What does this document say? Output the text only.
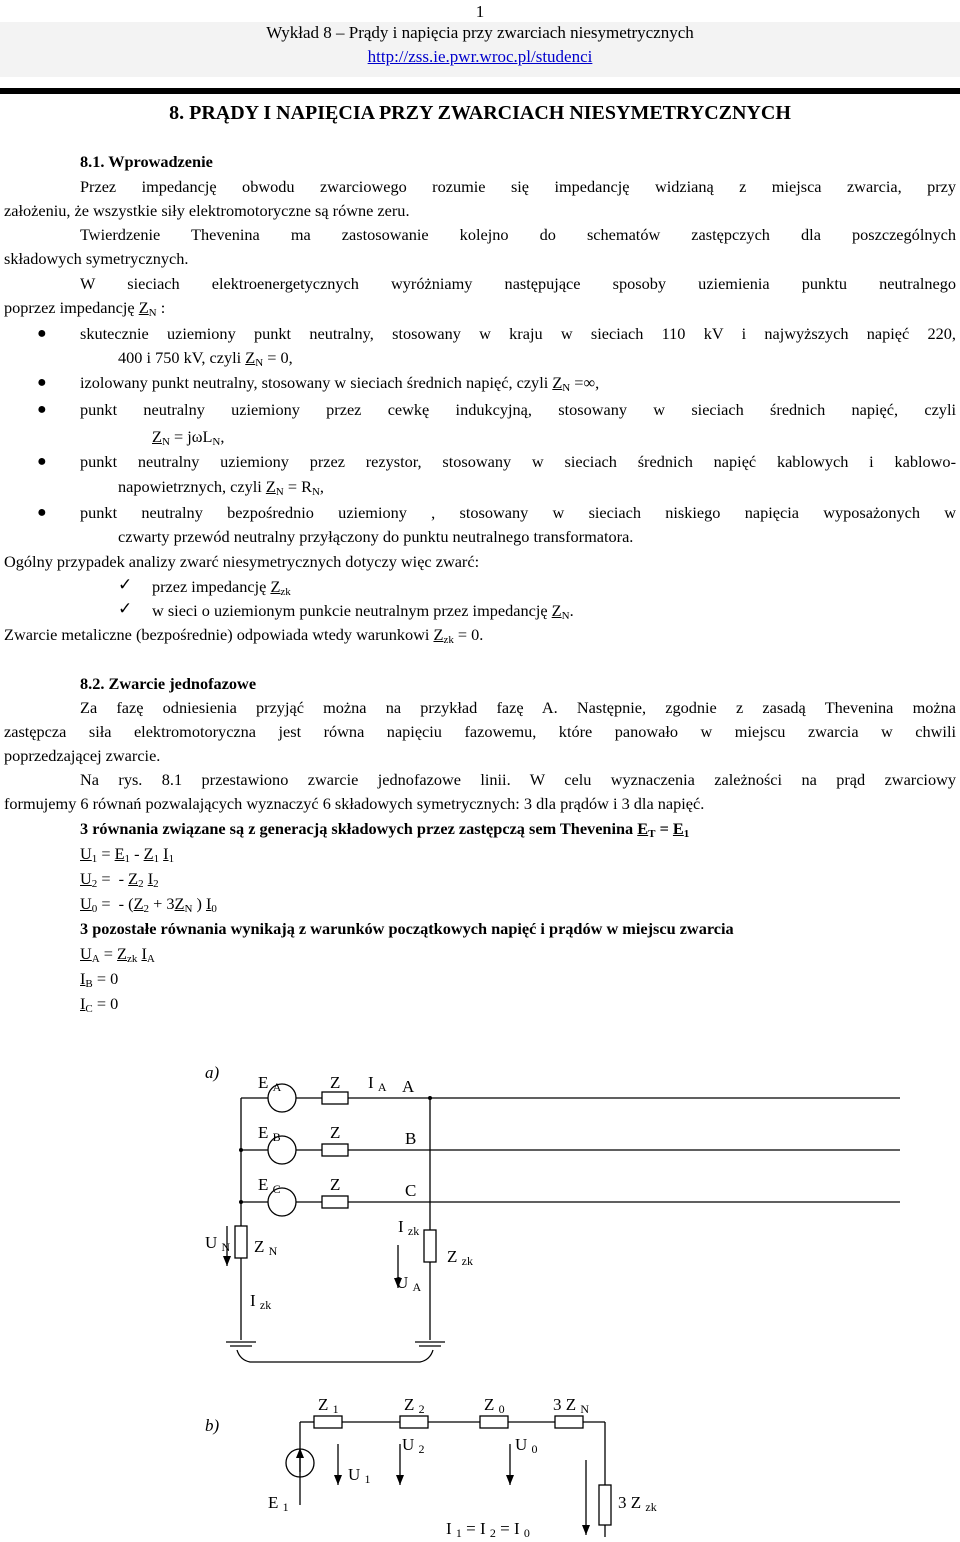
1
Wykład 8 – Prądy i napięcia przy zwarciach niesymetrycznych
http://zss.ie.pwr.wroc.pl/studenci
8. PRĄDY I NAPIĘCIA PRZY ZWARCIACH NIESYMETRYCZNYCH
8.1. Wprowadzenie
Przez impedancję obwodu zwarciowego rozumie się impedancję widzianą z miejsca zwarcia, przy
założeniu, że wszystkie siły elektromotoryczne są równe zeru.
Twierdzenie Thevenina ma zastosowanie kolejno do schematów zastępczych dla poszczególnych
składowych symetrycznych.
W sieciach elektroenergetycznych wyróżniamy następujące sposoby uziemienia punktu neutralnego
poprzez impedancję $Z_N$ :
● skutecznie uziemiony punkt neutralny, stosowany w kraju w sieciach 110 kV i najwyższych napięć 220,
400 i 750 kV, czyli $Z_N = 0$,
● izolowany punkt neutralny, stosowany w sieciach średnich napięć, czyli $Z_N$ =∞,
● punkt neutralny uziemiony przez cewkę indukcyjną, stosowany w sieciach średnich napięć, czyli
$Z_N = j\omega L_N$,
● punkt neutralny uziemiony przez rezystor, stosowany w sieciach średnich napięć kablowych i kablowo-
napowietrznych, czyli $Z_N = R_N$,
● punkt neutralny bezpośrednio uziemiony , stosowany w sieciach niskiego napięcia wyposażonych w
czwarty przewód neutralny przyłączony do punktu neutralnego transformatora.
Ogólny przypadek analizy zwarć niesymetrycznych dotyczy więc zwarć:
✓ przez impedancję $Z_{zk}$
✓ w sieci o uziemionym punkcie neutralnym przez impedancję $Z_N$.
Zwarcie metaliczne (bezpośrednie) odpowiada wtedy warunkowi $Z_{zk} = 0$.
8.2. Zwarcie jednofazowe
Za fazę odniesienia przyjąć można na przykład fazę A. Następnie, zgodnie z zasadą Thevenina można
zastępcza siła elektromotoryczna jest równa napięciu fazowemu, które panowało w miejscu zwarcia w chwili
poprzedzającej zwarcie.
Na rys. 8.1 przestawiono zwarcie jednofazowe linii. W celu wyznaczenia zależności na prąd zwarciowy
formujemy 6 równań pozwalających wyznaczyć 6 składowych symetrycznych: 3 dla prądów i 3 dla napięć.
3 równania związane są z generacją składowych przez zastępczą sem Thevenina $E_T = E_1$
$U_1 = E_1 - Z_1$ $I_1$
$U_2$ =  - $Z_2$ $I_2$
$U_0$ =  - ($Z_2 + 3Z_N$ ) $I_0$
3 pozostałe równania wynikają z warunków początkowych napięć i prądów w miejscu zwarcia
$U_A = Z_{zk}$ $I_A$
$I_B = 0$
$I_C = 0$
a)
E A	Z I A A
E B	Z	B
E C	Z	C
U N Z N
I zk
Z zk
U A
I zk
b)
Z 1	Z 2	Z 0	3 Z N
U 2	U 0
U 1
E 1	3 Z zk
I 1 = I 2 = I 0
